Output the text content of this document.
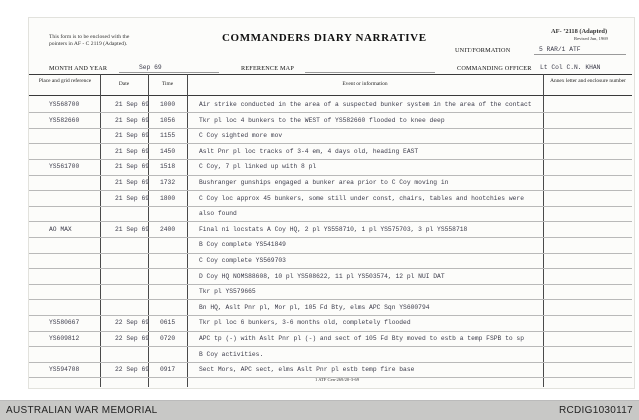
This form is to be enclosed with the
pointers in AF - C 2119 (Adapted).	COMMANDERS DIARY NARRATIVE
AF- ’2118 (Adapted)
Revised Jun, 1969
UNIT/FORMATION	5 RAR/1 ATF
MONTH AND YEAR	Sep 69	REFERENCE MAP	COMMANDING OFFICER Lt Col C.N. KHAN
Place and grid reference	Date	Time	Event or information	Annex letter and enclosure number
YS568700	21 Sep 69 1000	Air strike conducted in the area of a suspected bunker system in the area of the contact
YS582660	21 Sep 69 1056	Tkr pl loc 4 bunkers to the WEST of YS582660 flooded to knee deep
21 Sep 69 1155	C Coy sighted more mov
21 Sep 69 1450	Aslt Pnr pl loc tracks of 3-4 em, 4 days old, heading EAST
YS561700	21 Sep 69 1518	C Coy, 7 pl linked up with 8 pl
21 Sep 69 1732	Bushranger gunships engaged a bunker area prior to C Coy moving in
21 Sep 69 1800	C Coy loc approx 45 bunkers, some still under const, chairs, tables and hootchies were
also found
AO MAX	21 Sep 69 2400	Final ni locstats A Coy HQ, 2 pl YS558710, 1 pl YS575703, 3 pl YS558718
B Coy complete YS541849
C Coy complete YS569703
D Coy HQ NOMS88608, 10 pl YS508622, 11 pl YS503574, 12 pl NUI DAT
Tkr pl YS579665
Bn HQ, Aslt Pnr pl, Mor pl, 105 Fd Bty, elms APC Sqn YS600794
YS580667	22 Sep 69 0615	Tkr pl loc 6 bunkers, 3-6 months old, completely flooded
YS609812	22 Sep 69 0720	APC tp (-) with Aslt Pnr pl (-) and sect of 105 Fd Bty moved to estb a temp FSPB to sp
B Coy activities.
YS594708	22 Sep 69 0917	Sect Mors, APC sect, elms Aslt Pnr pl estb temp fire base
1 ATF Cen-269/20-3-69
AUSTRALIAN WAR MEMORIAL	RCDIG1030117
